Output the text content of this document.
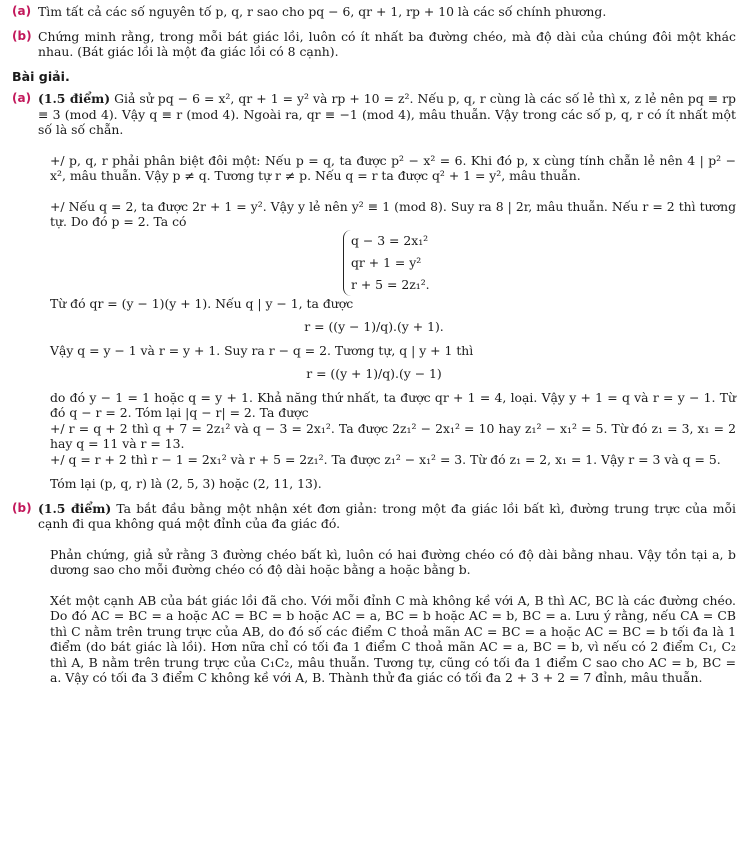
(a) Tìm tất cả các số nguyên tố p, q, r sao cho pq − 6, qr + 1, rp + 10 là các số chính phương.
(b) Chứng minh rằng, trong mỗi bát giác lồi, luôn có ít nhất ba đường chéo, mà độ dài của chúng đôi một khác nhau. (Bát giác lồi là một đa giác lồi có 8 cạnh).
Bài giải.
(a) (1.5 điểm) Giả sử pq − 6 = x², qr + 1 = y² và rp + 10 = z². Nếu p, q, r cùng là các số lẻ thì x, z lẻ nên pq ≡ rp ≡ 3 (mod 4). Vậy q ≡ r (mod 4). Ngoài ra, qr ≡ −1 (mod 4), mâu thuẫn. Vậy trong các số p, q, r có ít nhất một số là số chẵn.
+/ p, q, r phải phân biệt đôi một: Nếu p = q, ta được p² − x² = 6. Khi đó p, x cùng tính chẵn lẻ nên 4 | p² − x², mâu thuẫn. Vậy p ≠ q. Tương tự r ≠ p. Nếu q = r ta được q² + 1 = y², mâu thuẫn.
+/ Nếu q = 2, ta được 2r + 1 = y². Vậy y lẻ nên y² ≡ 1 (mod 8). Suy ra 8 | 2r, mâu thuẫn. Nếu r = 2 thì tương tự. Do đó p = 2. Ta có
q − 3 = 2x₁²
qr + 1 = y²
r + 5 = 2z₁².
Từ đó qr = (y − 1)(y + 1). Nếu q | y − 1, ta được
r = ((y − 1)/q).(y + 1).
Vậy q = y − 1 và r = y + 1. Suy ra r − q = 2. Tương tự, q | y + 1 thì
r = ((y + 1)/q).(y − 1)
do đó y − 1 = 1 hoặc q = y + 1. Khả năng thứ nhất, ta được qr + 1 = 4, loại. Vậy y + 1 = q và r = y − 1. Từ đó q − r = 2. Tóm lại |q − r| = 2. Ta được
+/ r = q + 2 thì q + 7 = 2z₁² và q − 3 = 2x₁². Ta được 2z₁² − 2x₁² = 10 hay z₁² − x₁² = 5. Từ đó z₁ = 3, x₁ = 2 hay q = 11 và r = 13.
+/ q = r + 2 thì r − 1 = 2x₁² và r + 5 = 2z₁². Ta được z₁² − x₁² = 3. Từ đó z₁ = 2, x₁ = 1. Vậy r = 3 và q = 5.
Tóm lại (p, q, r) là (2, 5, 3) hoặc (2, 11, 13).
(b) (1.5 điểm) Ta bắt đầu bằng một nhận xét đơn giản: trong một đa giác lồi bất kì, đường trung trực của mỗi cạnh đi qua không quá một đỉnh của đa giác đó.
Phản chứng, giả sử rằng 3 đường chéo bất kì, luôn có hai đường chéo có độ dài bằng nhau. Vậy tồn tại a, b dương sao cho mỗi đường chéo có độ dài hoặc bằng a hoặc bằng b.
Xét một cạnh AB của bát giác lồi đã cho. Với mỗi đỉnh C mà không kề với A, B thì AC, BC là các đường chéo. Do đó AC = BC = a hoặc AC = BC = b hoặc AC = a, BC = b hoặc AC = b, BC = a. Lưu ý rằng, nếu CA = CB thì C nằm trên trung trực của AB, do đó số các điểm C thoả mãn AC = BC = a hoặc AC = BC = b tối đa là 1 điểm (do bát giác là lồi). Hơn nữa chỉ có tối đa 1 điểm C thoả mãn AC = a, BC = b, vì nếu có 2 điểm C₁, C₂ thì A, B nằm trên trung trực của C₁C₂, mâu thuẫn. Tương tự, cũng có tối đa 1 điểm C sao cho AC = b, BC = a. Vậy có tối đa 3 điểm C không kề với A, B. Thành thử đa giác có tối đa 2 + 3 + 2 = 7 đỉnh, mâu thuẫn.
